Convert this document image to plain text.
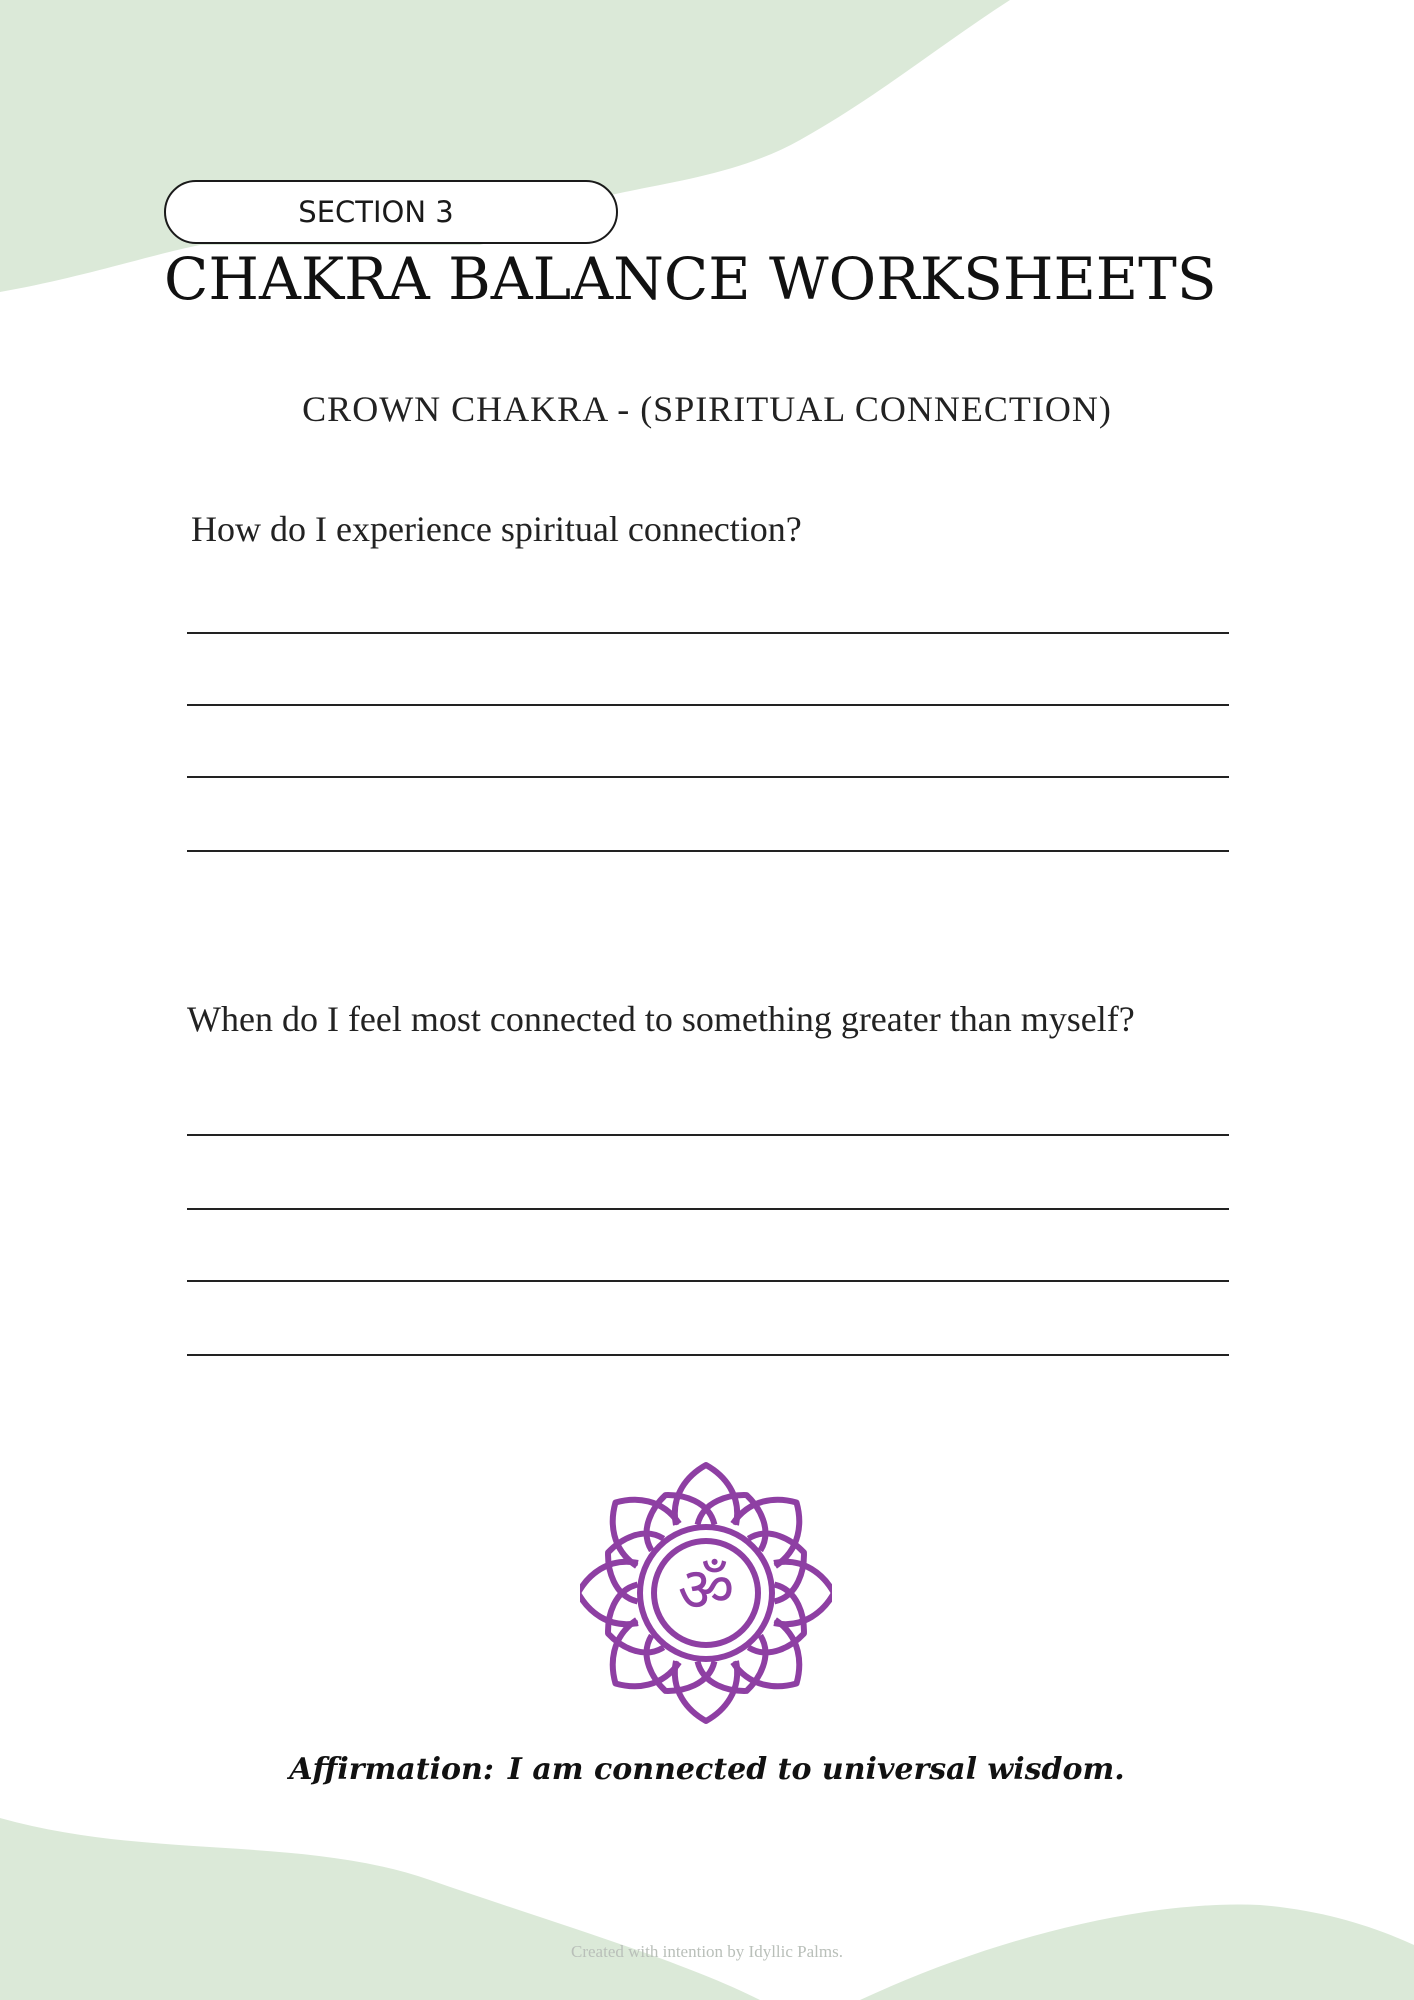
SECTION 3
CHAKRA BALANCE WORKSHEETS
CROWN CHAKRA - (SPIRITUAL CONNECTION)
How do I experience spiritual connection?
When do I feel most connected to something greater than myself?
ॐ
Affirmation: I am connected to universal wisdom.
Created with intention by Idyllic Palms.
